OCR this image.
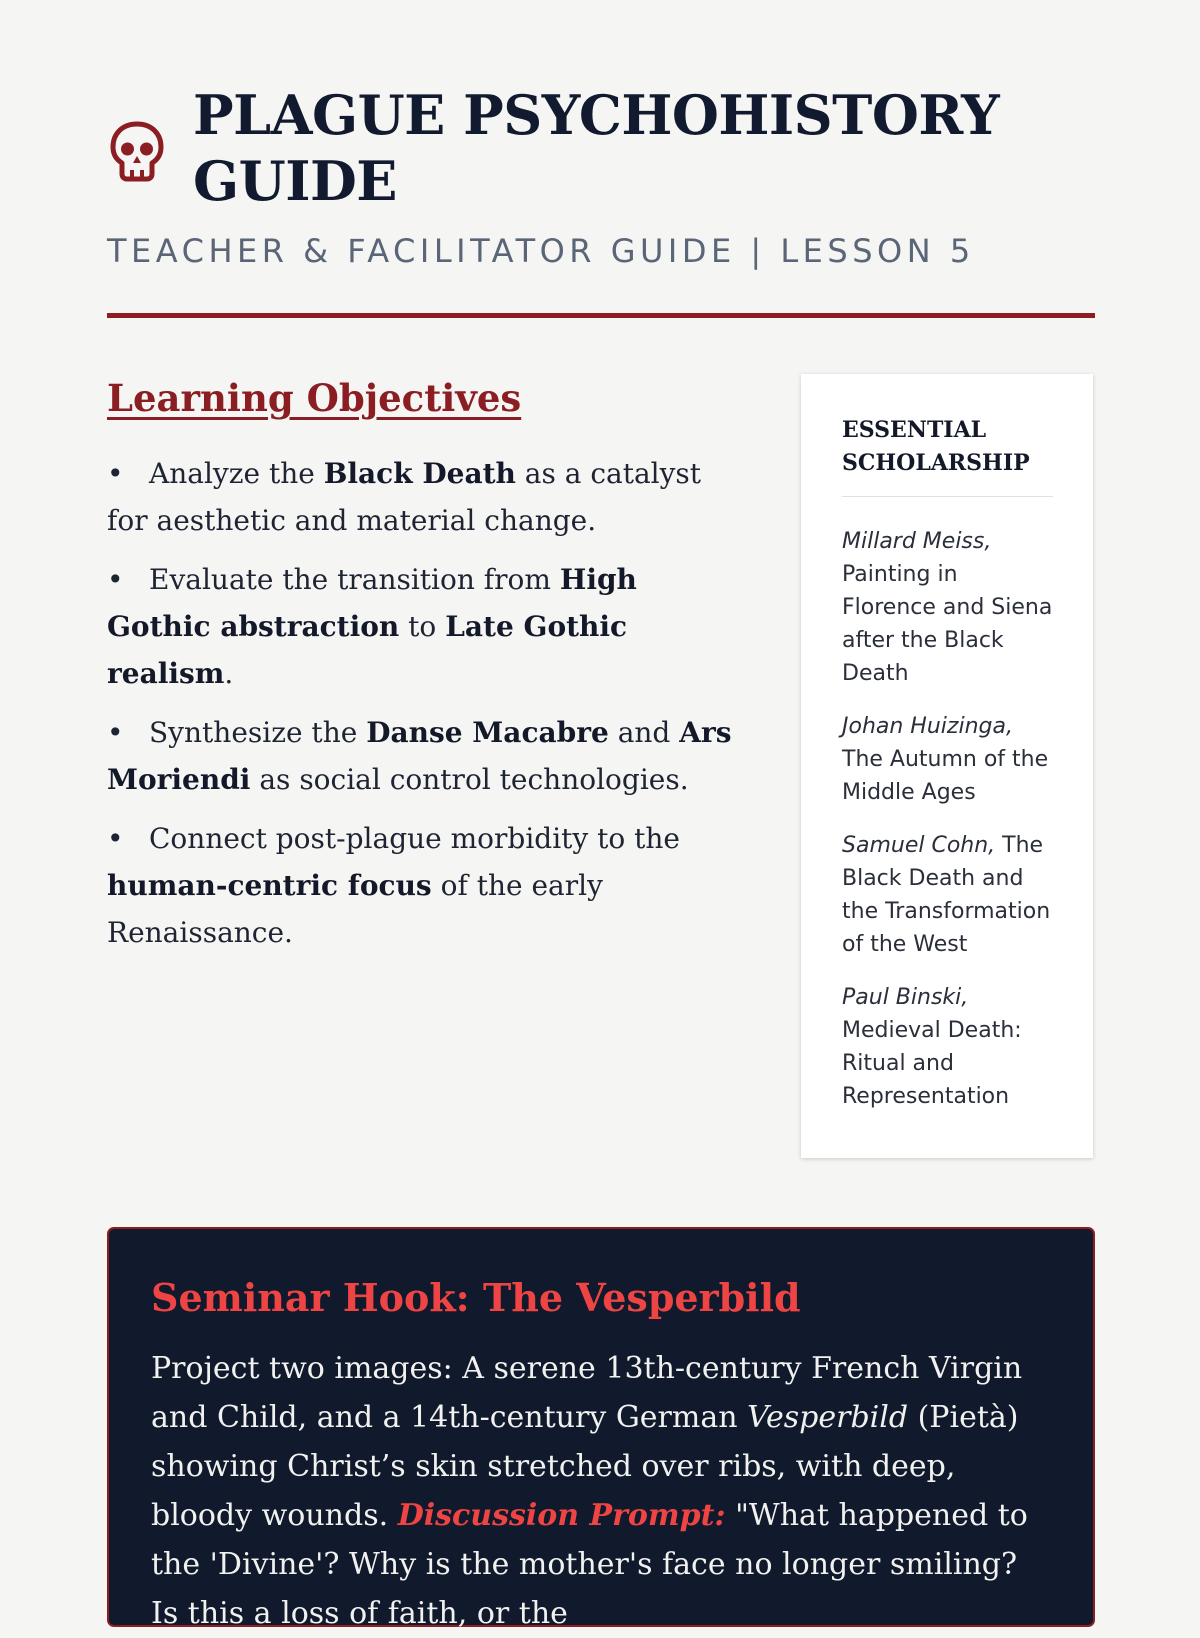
PLAGUE PSYCHOHISTORY GUIDE
TEACHER & FACILITATOR GUIDE | LESSON 5
Learning Objectives
• Analyze the Black Death as a catalyst for aesthetic and material change.
• Evaluate the transition from High Gothic abstraction to Late Gothic realism.
• Synthesize the Danse Macabre and Ars Moriendi as social control technologies.
• Connect post-plague morbidity to the human-centric focus of the early Renaissance.
ESSENTIAL SCHOLARSHIP
Millard Meiss, Painting in Florence and Siena after the Black Death
Johan Huizinga, The Autumn of the Middle Ages
Samuel Cohn, The Black Death and the Transformation of the West
Paul Binski, Medieval Death: Ritual and Representation
Seminar Hook: The Vesperbild

Project two images: A serene 13th-century French Virgin and Child, and a 14th-century German Vesperbild (Pietà) showing Christ’s skin stretched over ribs, with deep, bloody wounds. Discussion Prompt: "What happened to the 'Divine'? Why is the mother's face no longer smiling? Is this a loss of faith, or the
